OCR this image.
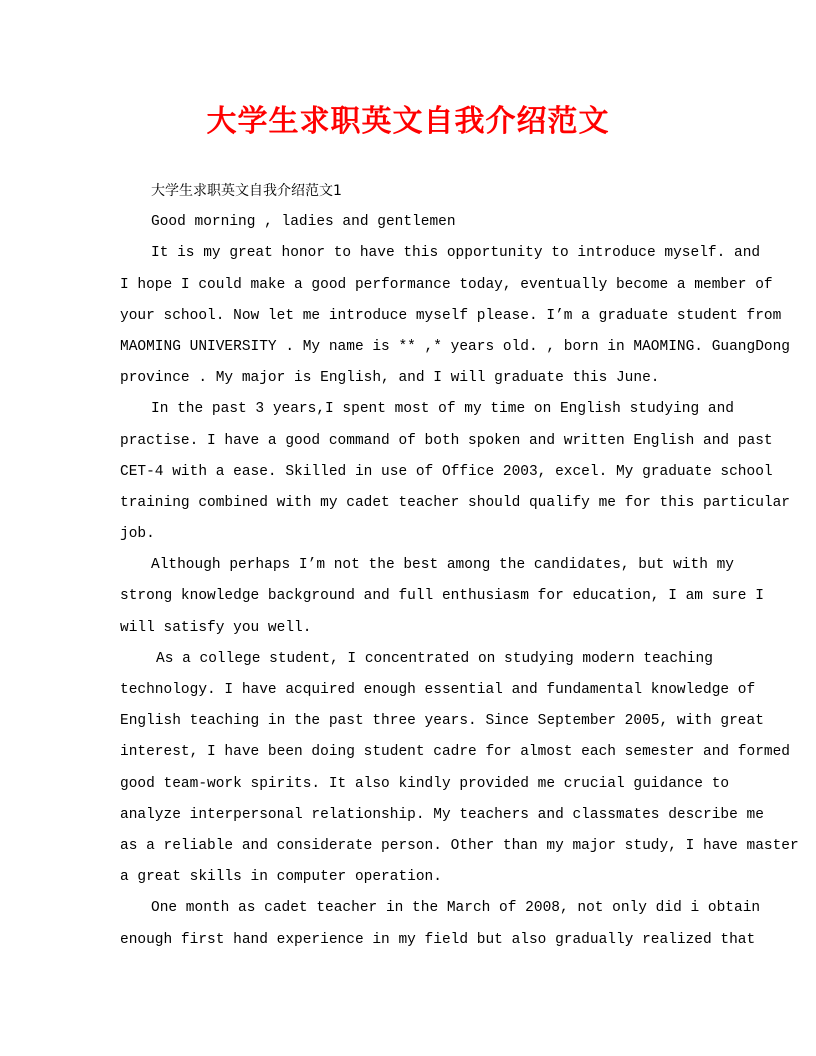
大学生求职英文自我介绍范文
大学生求职英文自我介绍范文1
Good morning , ladies and gentlemen
It is my great honor to have this opportunity to introduce myself. and
I hope I could make a good performance today, eventually become a member of
your school. Now let me introduce myself please. I’m a graduate student from
MAOMING UNIVERSITY . My name is ** ,* years old. , born in MAOMING. GuangDong
province . My major is English, and I will graduate this June.
In the past 3 years,I spent most of my time on English studying and
practise. I have a good command of both spoken and written English and past
CET-4 with a ease. Skilled in use of Office 2003, excel. My graduate school
training combined with my cadet teacher should qualify me for this particular
job.
Although perhaps I’m not the best among the candidates, but with my
strong knowledge background and full enthusiasm for education, I am sure I
will satisfy you well.
As a college student, I concentrated on studying modern teaching
technology. I have acquired enough essential and fundamental knowledge of
English teaching in the past three years. Since September 2005, with great
interest, I have been doing student cadre for almost each semester and formed
good team-work spirits. It also kindly provided me crucial guidance to
analyze interpersonal relationship. My teachers and classmates describe me
as a reliable and considerate person. Other than my major study, I have master
a great skills in computer operation.
One month as cadet teacher in the March of 2008, not only did i obtain
enough first hand experience in my field but also gradually realized that
